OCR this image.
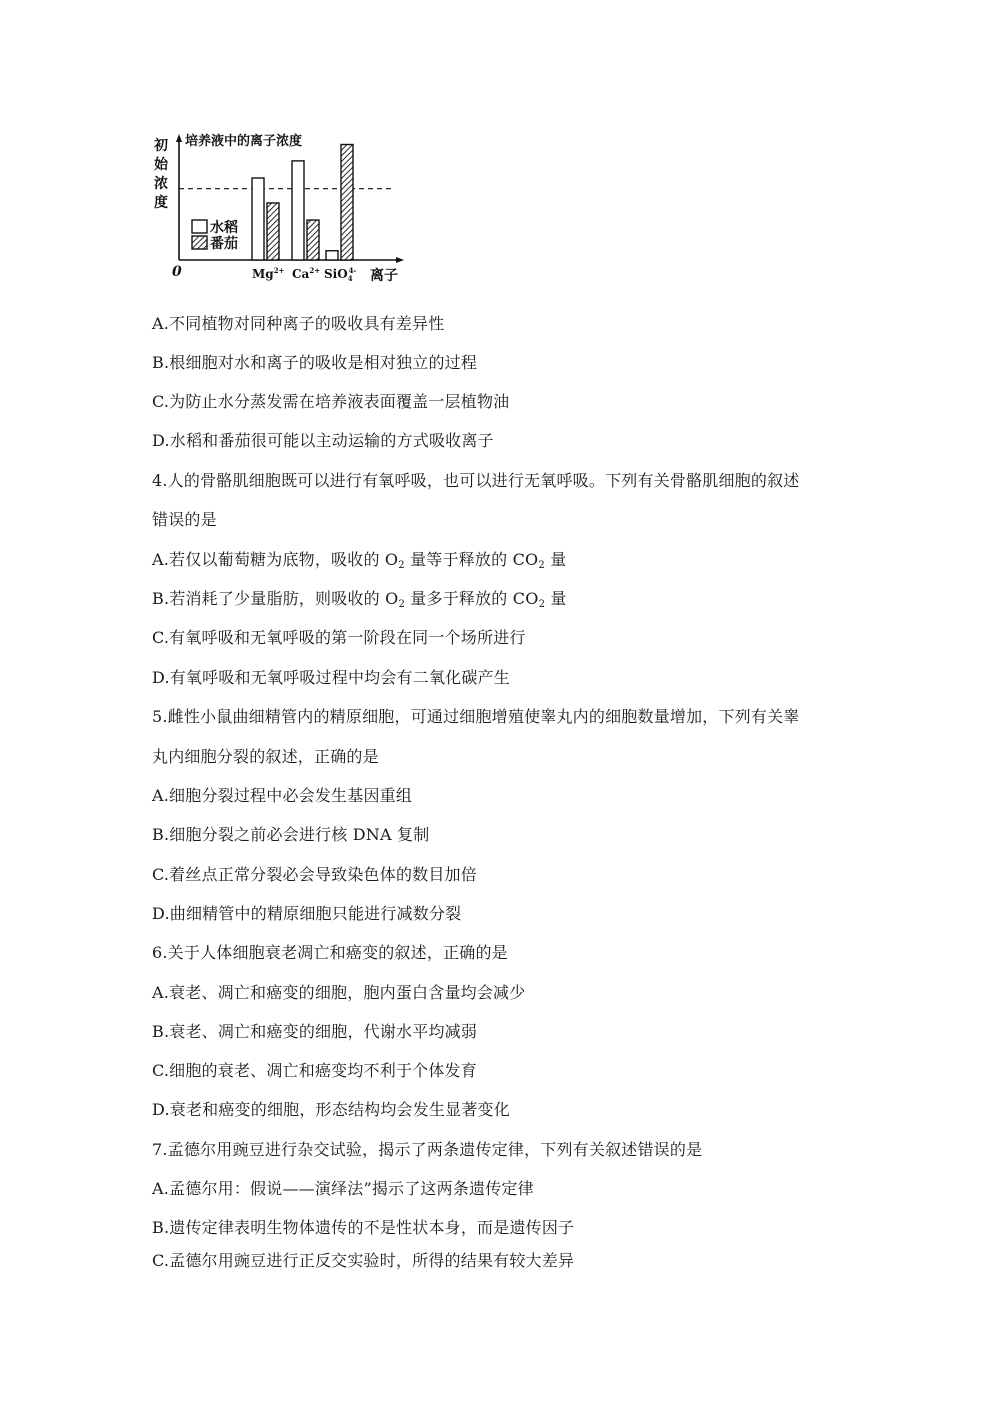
培养液中的离子浓度
初
始
浓
度
水稻
番茄
0	$Mg^{2+}$ $Ca^{2+}$ SiO$_4$4- 离子
A.不同植物对同种离子的吸收具有差异性
B.根细胞对水和离子的吸收是相对独立的过程
C.为防止水分蒸发需在培养液表面覆盖一层植物油
D.水稻和番茄很可能以主动运输的方式吸收离子
4.人的骨骼肌细胞既可以进行有氧呼吸，也可以进行无氧呼吸。下列有关骨骼肌细胞的叙述
错误的是
A.若仅以葡萄糖为底物，吸收的 $O_2$ 量等于释放的 $CO_2$ 量
B.若消耗了少量脂肪，则吸收的 $O_2$ 量多于释放的 $CO_2$ 量
C.有氧呼吸和无氧呼吸的第一阶段在同一个场所进行
D.有氧呼吸和无氧呼吸过程中均会有二氧化碳产生
5.雌性小鼠曲细精管内的精原细胞，可通过细胞增殖使睾丸内的细胞数量增加，下列有关睾
丸内细胞分裂的叙述，正确的是
A.细胞分裂过程中必会发生基因重组
B.细胞分裂之前必会进行核 DNA 复制
C.着丝点正常分裂必会导致染色体的数目加倍
D.曲细精管中的精原细胞只能进行减数分裂
6.关于人体细胞衰老凋亡和癌变的叙述，正确的是
A.衰老、凋亡和癌变的细胞，胞内蛋白含量均会减少
B.衰老、凋亡和癌变的细胞，代谢水平均减弱
C.细胞的衰老、凋亡和癌变均不利于个体发育
D.衰老和癌变的细胞，形态结构均会发生显著变化
7.孟德尔用豌豆进行杂交试验，揭示了两条遗传定律，下列有关叙述错误的是
A.孟德尔用：假说——演绎法”揭示了这两条遗传定律
B.遗传定律表明生物体遗传的不是性状本身，而是遗传因子
C.孟德尔用豌豆进行正反交实验时，所得的结果有较大差异
